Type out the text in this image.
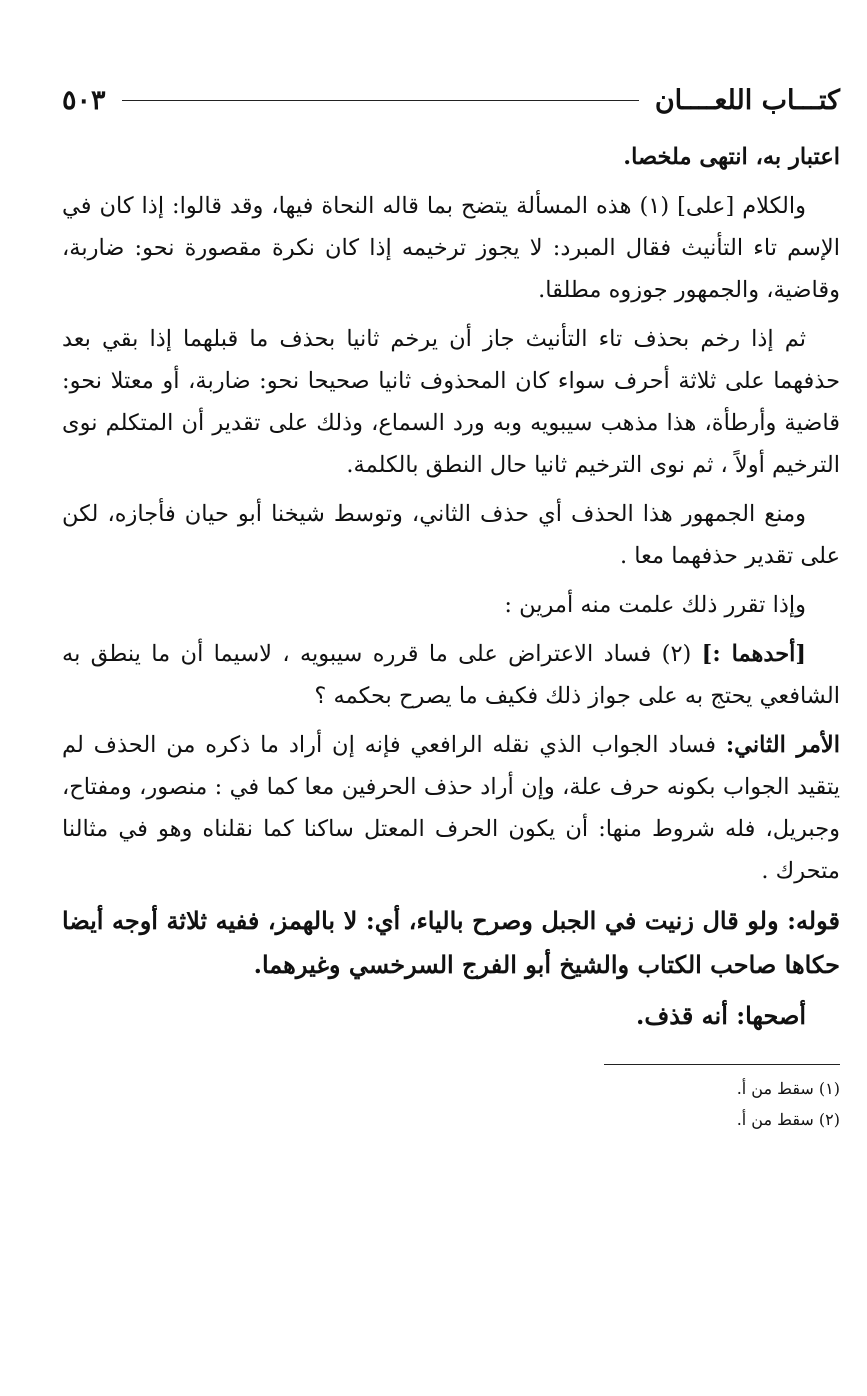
كتـــاب اللعــــان
٥٠٣

اعتبار به، انتهى ملخصا.

والكلام [على] (١) هذه المسألة يتضح بما قاله النحاة فيها، وقد قالوا: إذا كان في الإسم تاء التأنيث فقال المبرد: لا يجوز ترخيمه إذا كان نكرة مقصورة نحو: ضاربة، وقاضية، والجمهور جوزوه مطلقا.

ثم إذا رخم بحذف تاء التأنيث جاز أن يرخم ثانيا بحذف ما قبلهما إذا بقي بعد حذفهما على ثلاثة أحرف سواء كان المحذوف ثانيا صحيحا نحو: ضاربة، أو معتلا نحو: قاضية وأرطأة، هذا مذهب سيبويه وبه ورد السماع، وذلك على تقدير أن المتكلم نوى الترخيم أولاً ، ثم نوى الترخيم ثانيا حال النطق بالكلمة.

ومنع الجمهور هذا الحذف أي حذف الثاني، وتوسط شيخنا أبو حيان فأجازه، لكن على تقدير حذفهما معا .

وإذا تقرر ذلك علمت منه أمرين :

[أحدهما :] (٢) فساد الاعتراض على ما قرره سيبويه ، لاسيما أن ما ينطق به الشافعي يحتج به على جواز ذلك فكيف ما يصرح بحكمه ؟

الأمر الثاني: فساد الجواب الذي نقله الرافعي فإنه إن أراد ما ذكره من الحذف لم يتقيد الجواب بكونه حرف علة، وإن أراد حذف الحرفين معا كما في : منصور، ومفتاح، وجبريل، فله شروط منها: أن يكون الحرف المعتل ساكنا كما نقلناه وهو في مثالنا متحرك .

قوله: ولو قال زنيت في الجبل وصرح بالياء، أي: لا بالهمز، ففيه ثلاثة أوجه أيضا حكاها صاحب الكتاب والشيخ أبو الفرج السرخسي وغيرهما.

أصحها: أنه قذف.

(١) سقط من أ.

(٢) سقط من أ.
